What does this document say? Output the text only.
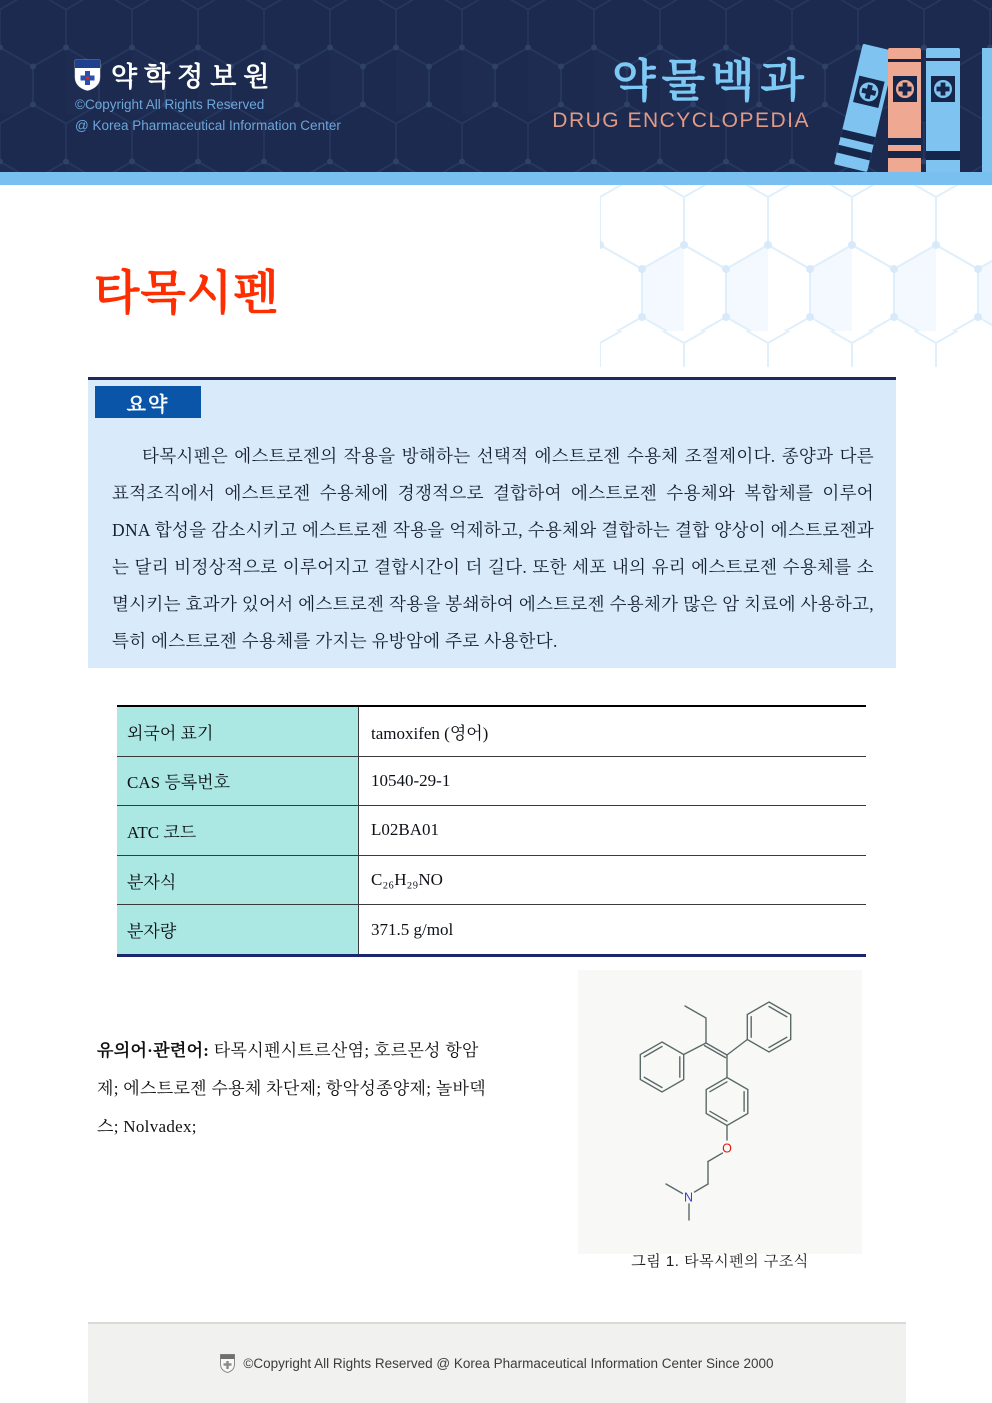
약학정보원
©Copyright All Rights Reserved
@ Korea Pharmaceutical Information Center
약물백과
DRUG ENCYCLOPEDIA
타목시펜
요약

타목시펜은 에스트로젠의 작용을 방해하는 선택적 에스트로젠 수용체 조절제이다. 종양과 다른 표적조직에서 에스트로젠 수용체에 경쟁적으로 결합하여 에스트로젠 수용체와 복합체를 이루어 DNA 합성을 감소시키고 에스트로젠 작용을 억제하고, 수용체와 결합하는 결합 양상이 에스트로젠과는 달리 비정상적으로 이루어지고 결합시간이 더 길다. 또한 세포 내의 유리 에스트로젠 수용체를 소멸시키는 효과가 있어서 에스트로젠 작용을 봉쇄하여 에스트로젠 수용체가 많은 암 치료에 사용하고, 특히 에스트로젠 수용체를 가지는 유방암에 주로 사용한다.

외국어 표기	tamoxifen (영어)
CAS 등록번호	10540-29-1
ATC 코드	L02BA01
분자식	C₂₆H₂₉NO
분자량	371.5 g/mol

유의어·관련어: 타목시펜시트르산염; 호르몬성 항암제; 에스트로젠 수용체 차단제; 항악성종양제; 놀바덱스; Nolvadex;

O
N
그림 1. 타목시펜의 구조식
©Copyright All Rights Reserved @ Korea Pharmaceutical Information Center Since 2000
